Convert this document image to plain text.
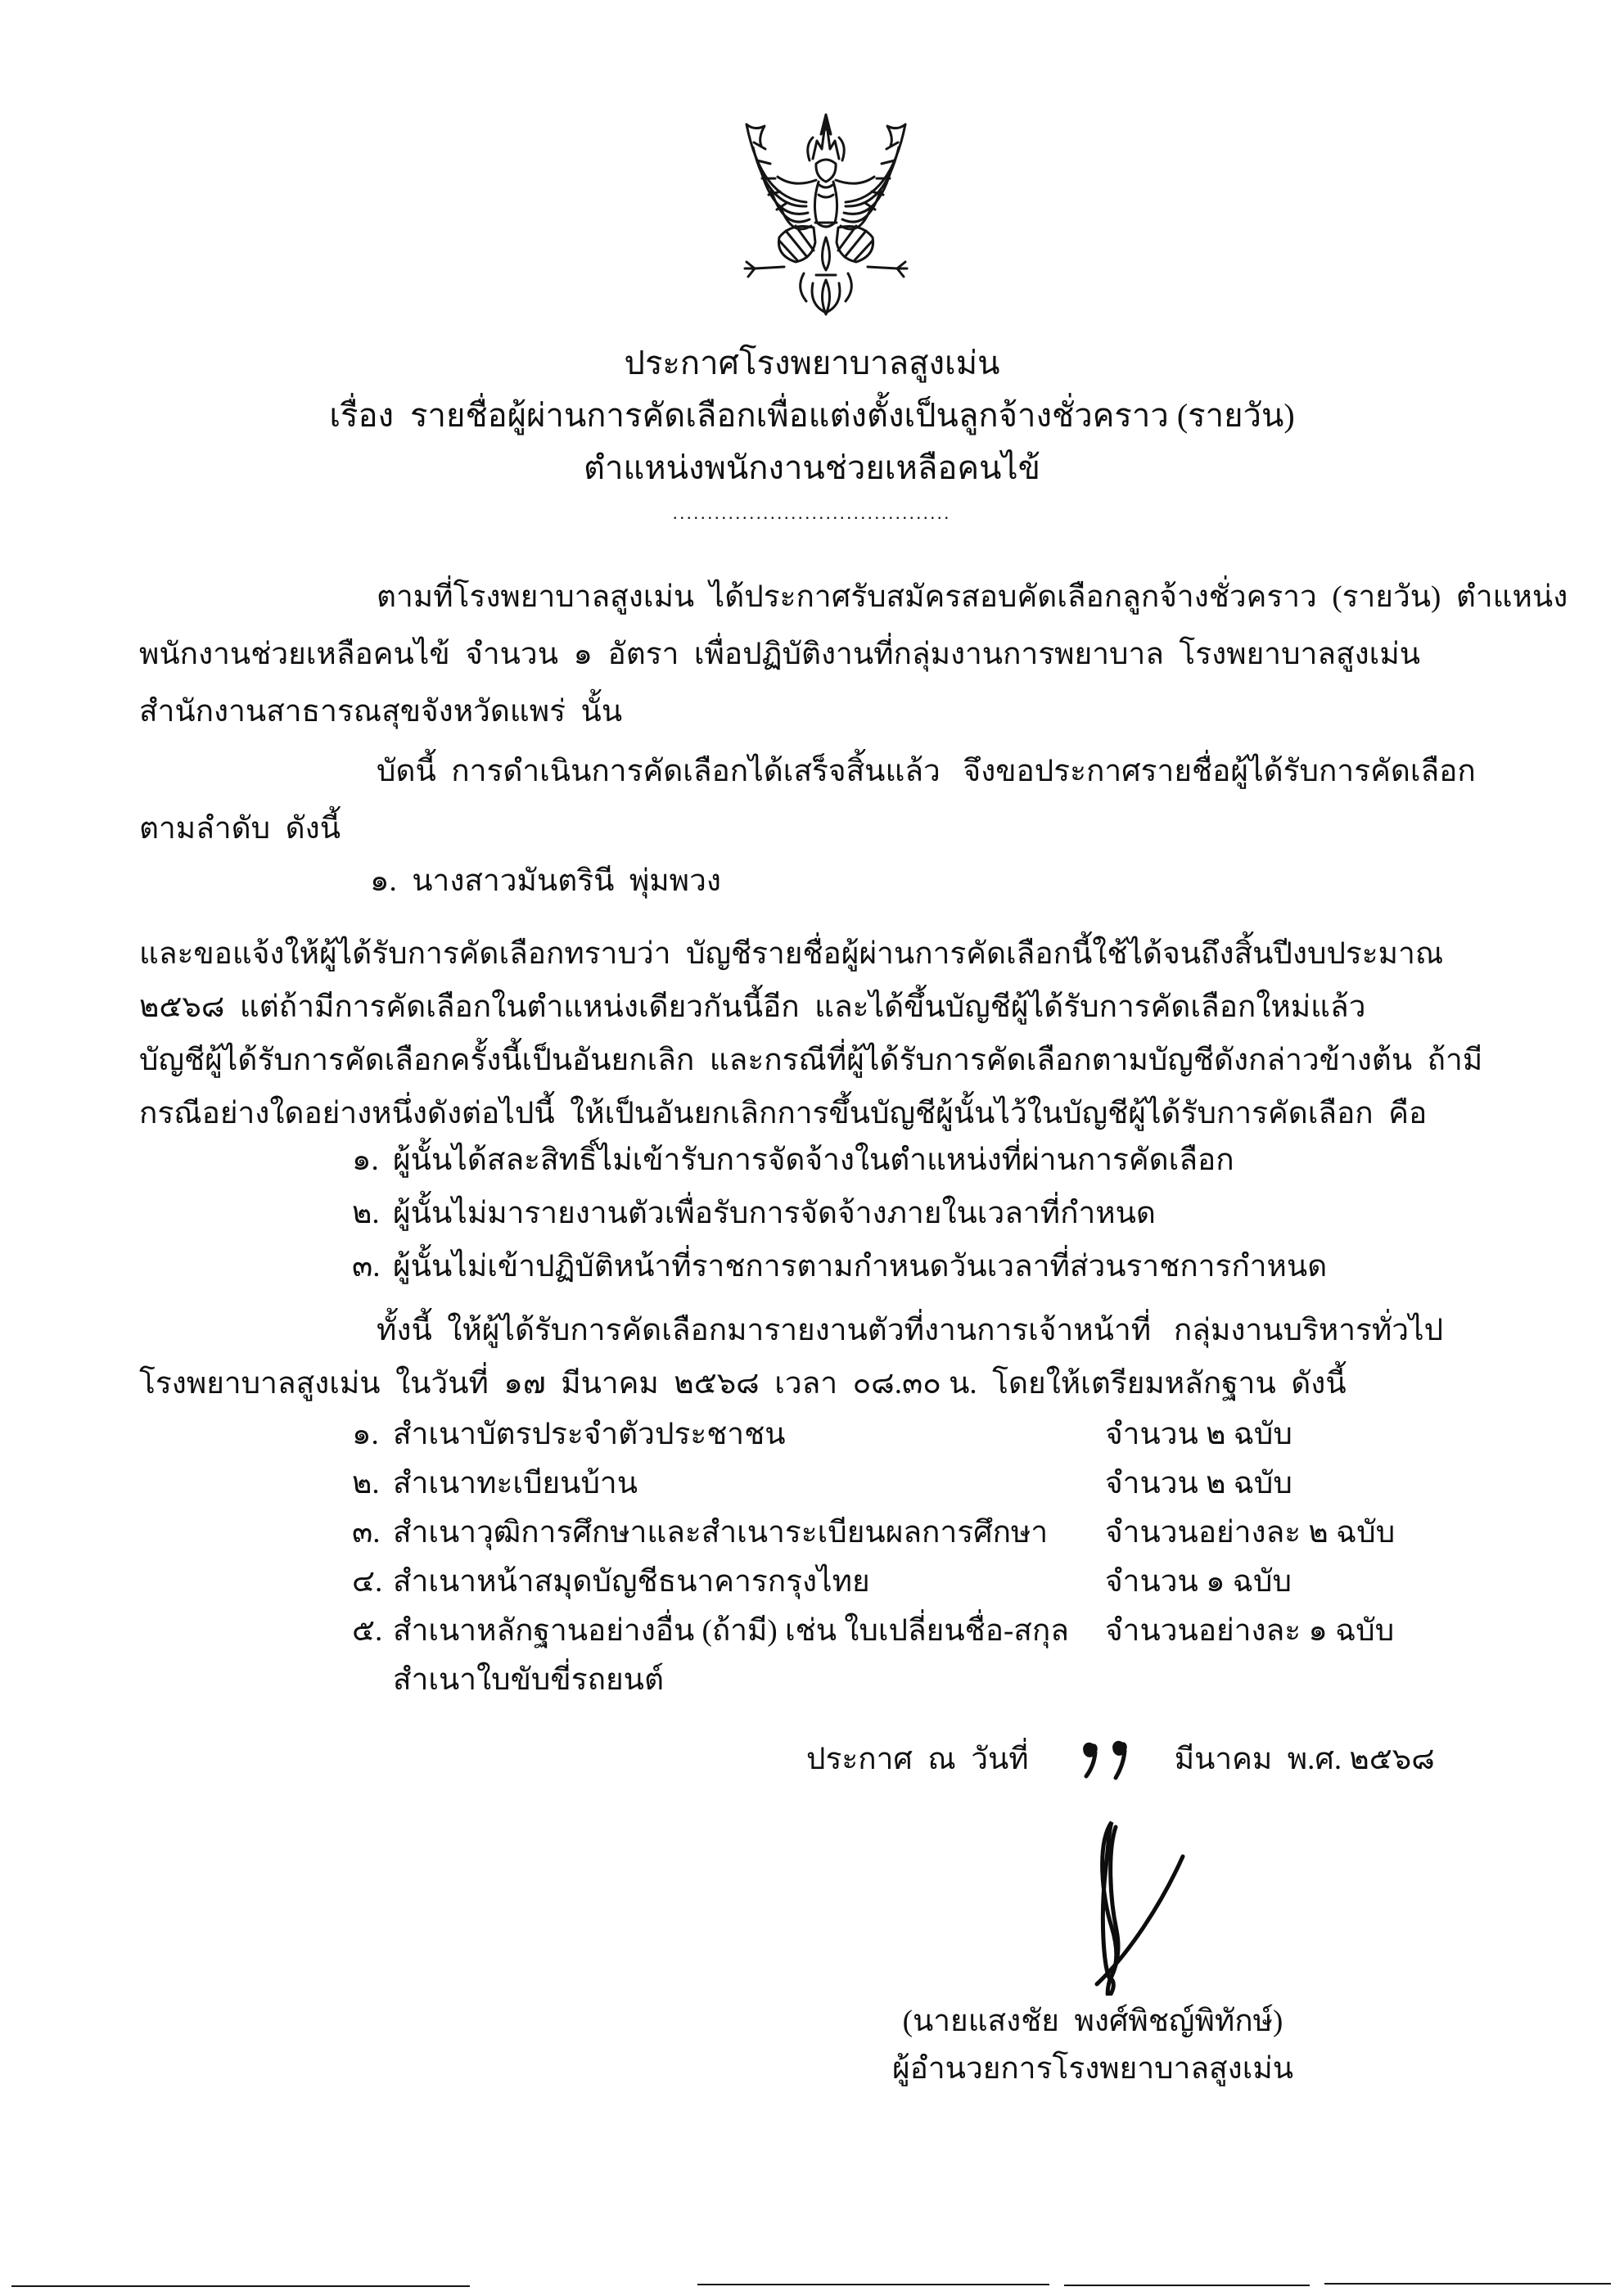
ประกาศโรงพยาบาลสูงเม่น
เรื่อง  รายชื่อผู้ผ่านการคัดเลือกเพื่อแต่งตั้งเป็นลูกจ้างชั่วคราว (รายวัน)
ตำแหน่งพนักงานช่วยเหลือคนไข้
........................................
ตามที่โรงพยาบาลสูงเม่น  ได้ประกาศรับสมัครสอบคัดเลือกลูกจ้างชั่วคราว  (รายวัน)  ตำแหน่ง
พนักงานช่วยเหลือคนไข้  จำนวน  ๑  อัตรา  เพื่อปฏิบัติงานที่กลุ่มงานการพยาบาล  โรงพยาบาลสูงเม่น
สำนักงานสาธารณสุขจังหวัดแพร่  นั้น
บัดนี้  การดำเนินการคัดเลือกได้เสร็จสิ้นแล้ว   จึงขอประกาศรายชื่อผู้ได้รับการคัดเลือก
ตามลำดับ  ดังนี้
๑. นางสาวมันตรินี  พุ่มพวง
และขอแจ้งให้ผู้ได้รับการคัดเลือกทราบว่า  บัญชีรายชื่อผู้ผ่านการคัดเลือกนี้ใช้ได้จนถึงสิ้นปีงบประมาณ
๒๕๖๘  แต่ถ้ามีการคัดเลือกในตำแหน่งเดียวกันนี้อีก  และได้ขึ้นบัญชีผู้ได้รับการคัดเลือกใหม่แล้ว
บัญชีผู้ได้รับการคัดเลือกครั้งนี้เป็นอันยกเลิก  และกรณีที่ผู้ได้รับการคัดเลือกตามบัญชีดังกล่าวข้างต้น  ถ้ามี
กรณีอย่างใดอย่างหนึ่งดังต่อไปนี้  ให้เป็นอันยกเลิกการขึ้นบัญชีผู้นั้นไว้ในบัญชีผู้ได้รับการคัดเลือก  คือ
๑. ผู้นั้นได้สละสิทธิ์ไม่เข้ารับการจัดจ้างในตำแหน่งที่ผ่านการคัดเลือก
๒. ผู้นั้นไม่มารายงานตัวเพื่อรับการจัดจ้างภายในเวลาที่กำหนด
๓. ผู้นั้นไม่เข้าปฏิบัติหน้าที่ราชการตามกำหนดวันเวลาที่ส่วนราชการกำหนด
ทั้งนี้  ให้ผู้ได้รับการคัดเลือกมารายงานตัวที่งานการเจ้าหน้าที่   กลุ่มงานบริหารทั่วไป
โรงพยาบาลสูงเม่น  ในวันที่  ๑๗  มีนาคม  ๒๕๖๘  เวลา  ๐๘.๓๐ น.  โดยให้เตรียมหลักฐาน  ดังนี้
๑. สำเนาบัตรประจำตัวประชาชน	จำนวน ๒ ฉบับ
๒. สำเนาทะเบียนบ้าน	จำนวน ๒ ฉบับ
๓. สำเนาวุฒิการศึกษาและสำเนาระเบียนผลการศึกษา จำนวนอย่างละ ๒ ฉบับ
๔. สำเนาหน้าสมุดบัญชีธนาคารกรุงไทย	จำนวน ๑ ฉบับ
๕. สำเนาหลักฐานอย่างอื่น (ถ้ามี) เช่น ใบเปลี่ยนชื่อ-สกุล จำนวนอย่างละ ๑ ฉบับ
สำเนาใบขับขี่รถยนต์
ประกาศ  ณ  วันที่	มีนาคม  พ.ศ. ๒๕๖๘
(นายแสงชัย  พงศ์พิชญ์พิทักษ์)
ผู้อำนวยการโรงพยาบาลสูงเม่น
